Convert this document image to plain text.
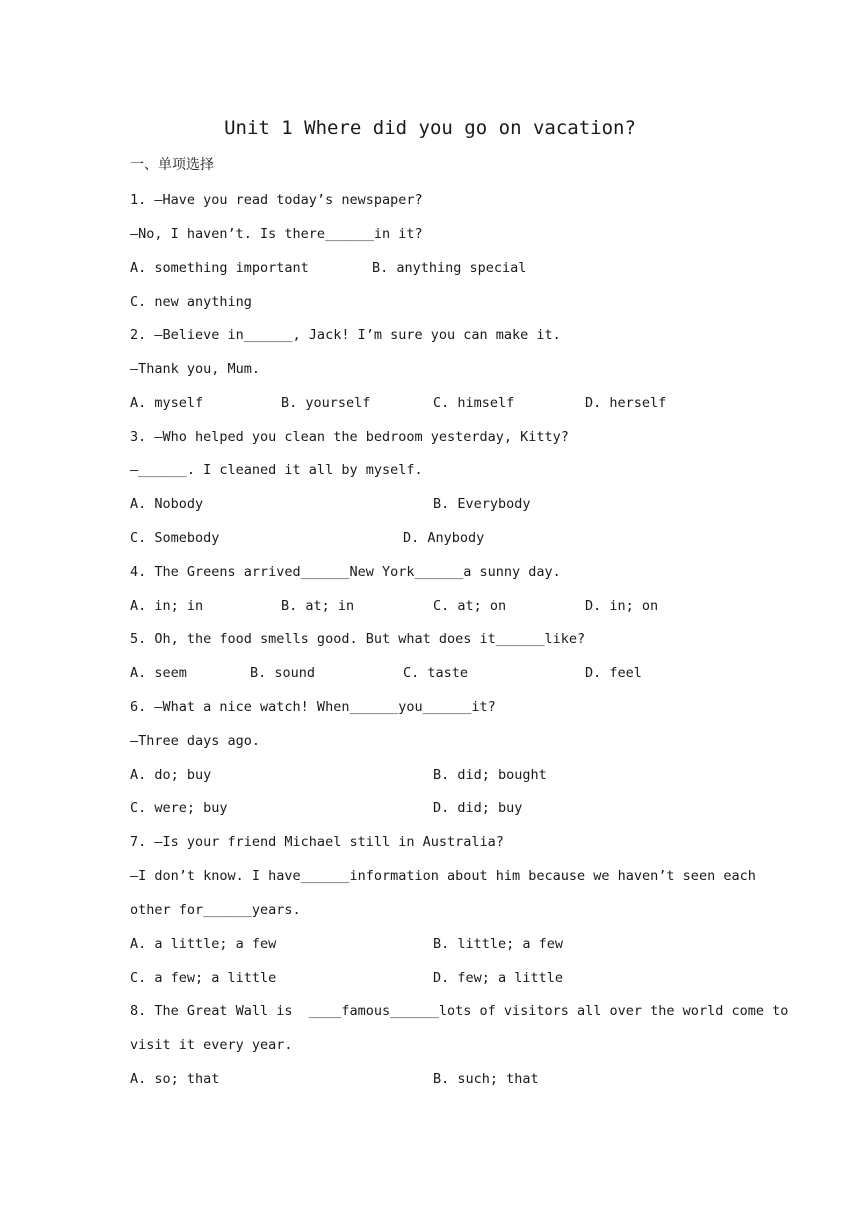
Unit 1 Where did you go on vacation?
一、单项选择
1. —Have you read today’s newspaper?
—No, I haven’t. Is there______in it?
A. something important	B. anything special
C. new anything
2. —Believe in______, Jack! I’m sure you can make it.
—Thank you, Mum.
A. myself	B. yourself	C. himself	D. herself
3. —Who helped you clean the bedroom yesterday, Kitty?
—______. I cleaned it all by myself.
A. Nobody	B. Everybody
C. Somebody	D. Anybody
4. The Greens arrived______New York______a sunny day.
A. in; in	B. at; in	C. at; on	D. in; on
5. Oh, the food smells good. But what does it______like?
A. seem	B. sound	C. taste	D. feel
6. —What a nice watch! When______you______it?
—Three days ago.
A. do; buy	B. did; bought
C. were; buy	D. did; buy
7. —Is your friend Michael still in Australia?
—I don’t know. I have______information about him because we haven’t seen each
other for______years.
A. a little; a few	B. little; a few
C. a few; a little	D. few; a little
8. The Great Wall is  ____famous______lots of visitors all over the world come to
visit it every year.
A. so; that	B. such; that
